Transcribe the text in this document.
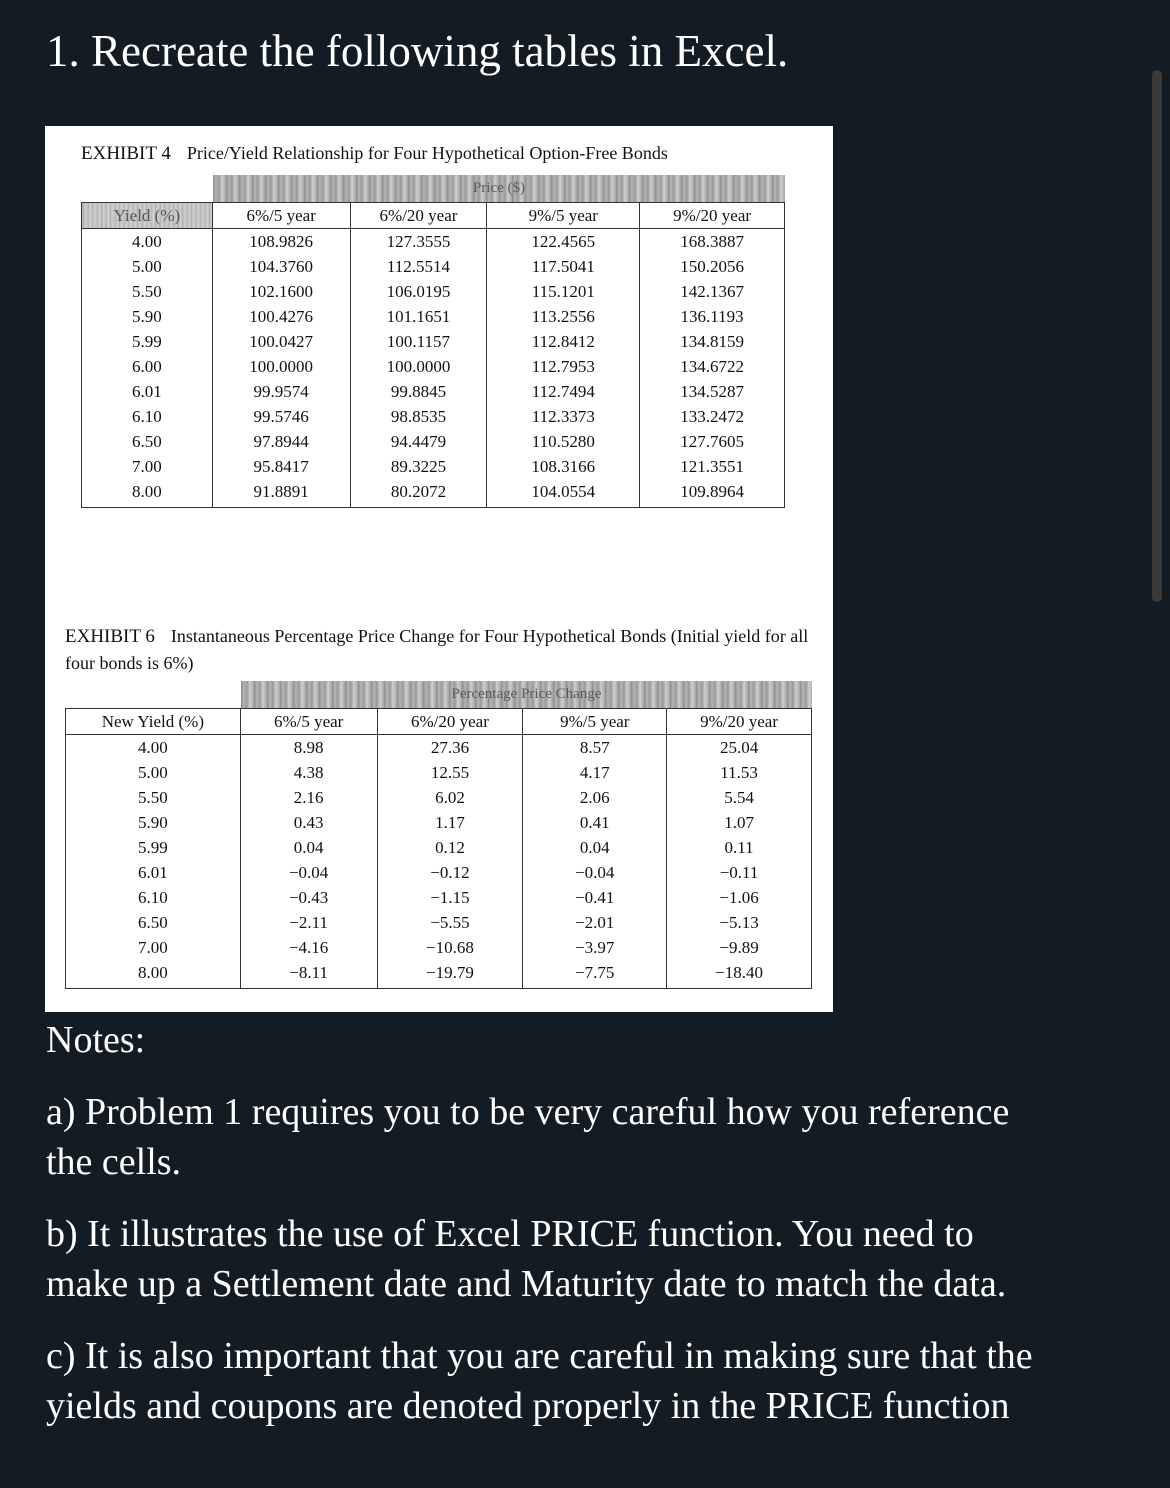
1. Recreate the following tables in Excel.
EXHIBIT 4 Price/Yield Relationship for Four Hypothetical Option-Free Bonds
Price ($)
Yield (%)	6%/5 year	6%/20 year	9%/5 year	9%/20 year
4.00	108.9826	127.3555	122.4565	168.3887
5.00	104.3760	112.5514	117.5041	150.2056
5.50	102.1600	106.0195	115.1201	142.1367
5.90	100.4276	101.1651	113.2556	136.1193
5.99	100.0427	100.1157	112.8412	134.8159
6.00	100.0000	100.0000	112.7953	134.6722
6.01	99.9574	99.8845	112.7494	134.5287
6.10	99.5746	98.8535	112.3373	133.2472
6.50	97.8944	94.4479	110.5280	127.7605
7.00	95.8417	89.3225	108.3166	121.3551
8.00	91.8891	80.2072	104.0554	109.8964
EXHIBIT 6 Instantaneous Percentage Price Change for Four Hypothetical Bonds (Initial yield for all four bonds is 6%)
Percentage Price Change
New Yield (%)	6%/5 year	6%/20 year	9%/5 year	9%/20 year
4.00	8.98	27.36	8.57	25.04
5.00	4.38	12.55	4.17	11.53
5.50	2.16	6.02	2.06	5.54
5.90	0.43	1.17	0.41	1.07
5.99	0.04	0.12	0.04	0.11
6.01	−0.04	−0.12	−0.04	−0.11
6.10	−0.43	−1.15	−0.41	−1.06
6.50	−2.11	−5.55	−2.01	−5.13
7.00	−4.16	−10.68	−3.97	−9.89
8.00	−8.11	−19.79	−7.75	−18.40

Notes:

a) Problem 1 requires you to be very careful how you reference

the cells.

b) It illustrates the use of Excel PRICE function. You need to

make up a Settlement date and Maturity date to match the data.

c) It is also important that you are careful in making sure that the

yields and coupons are denoted properly in the PRICE function
